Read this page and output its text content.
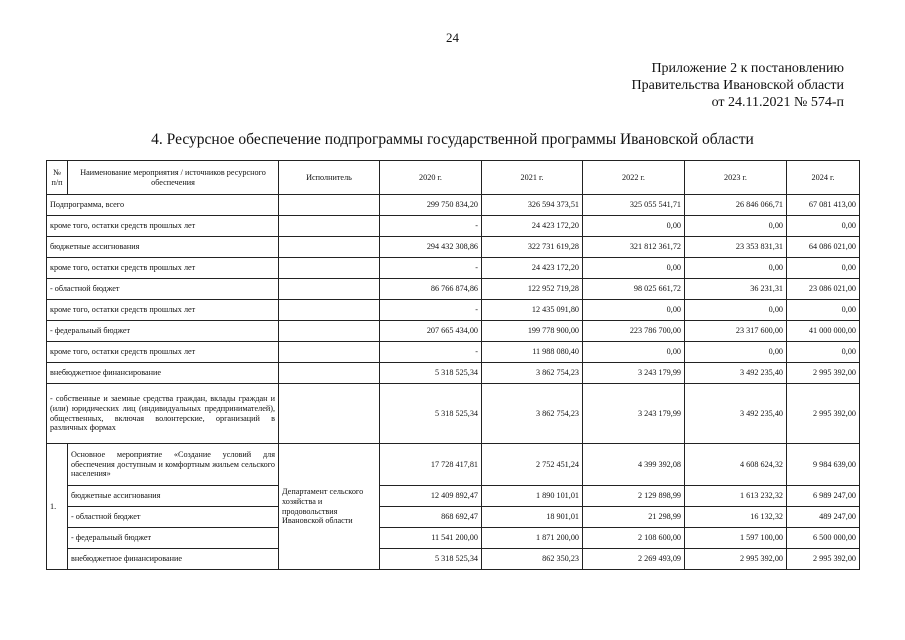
24
Приложение 2 к постановлению
Правительства Ивановской области
от 24.11.2021 № 574-п
4. Ресурсное обеспечение подпрограммы государственной программы Ивановской области
№ п/п	Наименование мероприятия / источников ресурсного обеспечения	Исполнитель	2020 г.	2021 г.	2022 г.	2023 г.	2024 г.
Подпрограмма, всего			299 750 834,20	326 594 373,51	325 055 541,71	26 846 066,71	67 081 413,00
кроме того, остатки средств прошлых лет			-	24 423 172,20	0,00	0,00	0,00
бюджетные ассигнования			294 432 308,86	322 731 619,28	321 812 361,72	23 353 831,31	64 086 021,00
кроме того, остатки средств прошлых лет			-	24 423 172,20	0,00	0,00	0,00
- областной бюджет			86 766 874,86	122 952 719,28	98 025 661,72	36 231,31	23 086 021,00
кроме того, остатки средств прошлых лет			-	12 435 091,80	0,00	0,00	0,00
- федеральный бюджет			207 665 434,00	199 778 900,00	223 786 700,00	23 317 600,00	41 000 000,00
кроме того, остатки средств прошлых лет			-	11 988 080,40	0,00	0,00	0,00
внебюджетное финансирование			5 318 525,34	3 862 754,23	3 243 179,99	3 492 235,40	2 995 392,00
- собственные и заемные средства граждан, вклады граждан и (или) юридических лиц (индивидуальных предпринимателей), общественных, включая волонтерские, организаций в различных формах			5 318 525,34	3 862 754,23	3 243 179,99	3 492 235,40	2 995 392,00
1.	Основное мероприятие «Создание условий для обеспечения доступным и комфортным жильем сельского населения»	Департамент сельского хозяйства и продовольствия Ивановской области	17 728 417,81	2 752 451,24	4 399 392,08	4 608 624,32	9 984 639,00
	бюджетные ассигнования		12 409 892,47	1 890 101,01	2 129 898,99	1 613 232,32	6 989 247,00
	- областной бюджет		868 692,47	18 901,01	21 298,99	16 132,32	489 247,00
	- федеральный бюджет		11 541 200,00	1 871 200,00	2 108 600,00	1 597 100,00	6 500 000,00
	внебюджетное финансирование		5 318 525,34	862 350,23	2 269 493,09	2 995 392,00	2 995 392,00
